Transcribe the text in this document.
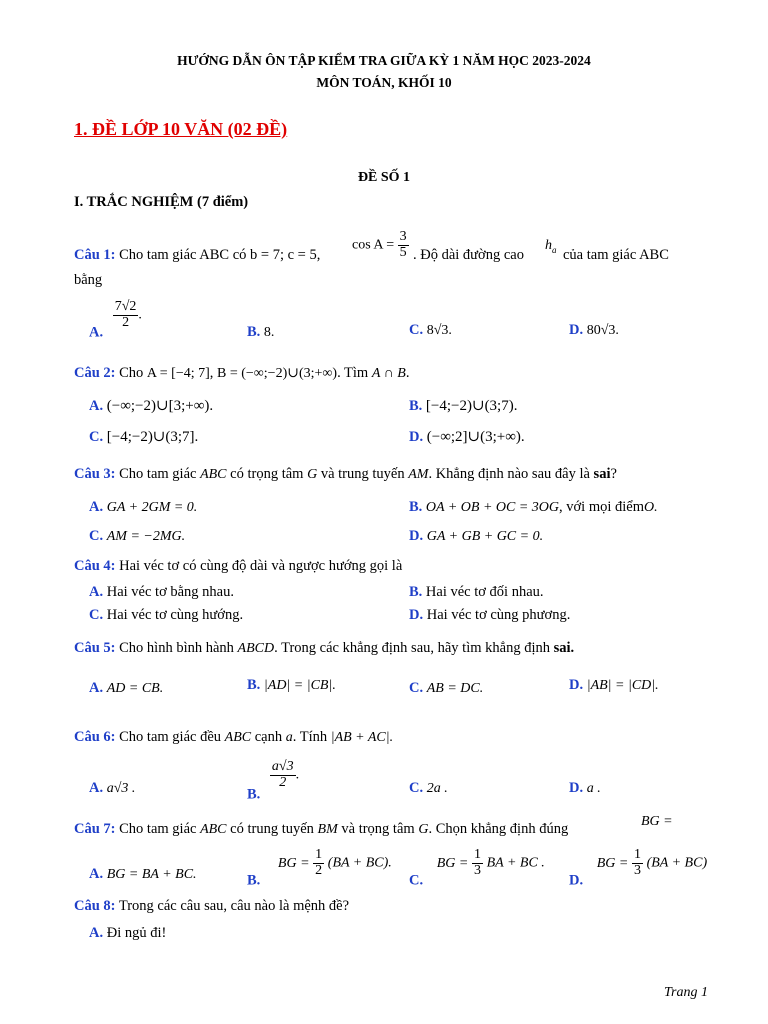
HƯỚNG DẪN ÔN TẬP KIỂM TRA GIỮA KỲ 1 NĂM HỌC 2023-2024
MÔN TOÁN, KHỐI 10
1. ĐỀ LỚP 10 VĂN (02 ĐỀ)
ĐỀ SỐ 1
I. TRẮC NGHIỆM (7 điểm)
Câu 1: Cho tam giác ABC có b = 7; c = 5,
$\cos A = \frac{3}{5}$ . Độ dài đường cao
$h_a$ của tam giác ABC
bằng
A.
$\frac{7√2}{2}$ .
B. 8.	C. 8√3.	D. 80√3.
Câu 2: Cho A = [−4; 7], B = (−∞;−2)∪(3;+∞). Tìm A ∩ B.
A. (−∞;−2)∪[3;+∞).	B. [−4;−2)∪(3;7).
C. [−4;−2)∪(3;7].	D. (−∞;2]∪(3;+∞).
Câu 3: Cho tam giác ABC có trọng tâm G và trung tuyến AM. Khẳng định nào sau đây là sai?
A. GA + 2GM = 0.	B. OA + OB + OC = 3OG, với mọi điểmO.
C. AM = −2MG.	D. GA + GB + GC = 0.
Câu 4: Hai véc tơ có cùng độ dài và ngược hướng gọi là
A. Hai véc tơ bằng nhau.	B. Hai véc tơ đối nhau.
C. Hai véc tơ cùng hướng.	D. Hai véc tơ cùng phương.
Câu 5: Cho hình bình hành ABCD. Trong các khẳng định sau, hãy tìm khẳng định sai.
A. AD = CB.	B. |AD| = |CB|.	C. AB = DC.	D. |AB| = |CD|.
Câu 6: Cho tam giác đều ABC cạnh a. Tính |AB + AC|.
A. a√3 .	B.
$\frac{a√3}{2}$ .
C. 2a .	D. a .
Câu 7: Cho tam giác ABC có trung tuyến BM và trọng tâm G. Chọn khẳng định đúng	BG =
A. BG = BA + BC.	B. BG = $\frac{1}{2} (BA + BC)$.
C. BG = $\frac{1}{3}$ BA + BC .
D. BG = $\frac{1}{3} (BA + BC)$
Câu 8: Trong các câu sau, câu nào là mệnh đề?
A. Đi ngủ đi!
Trang 1
